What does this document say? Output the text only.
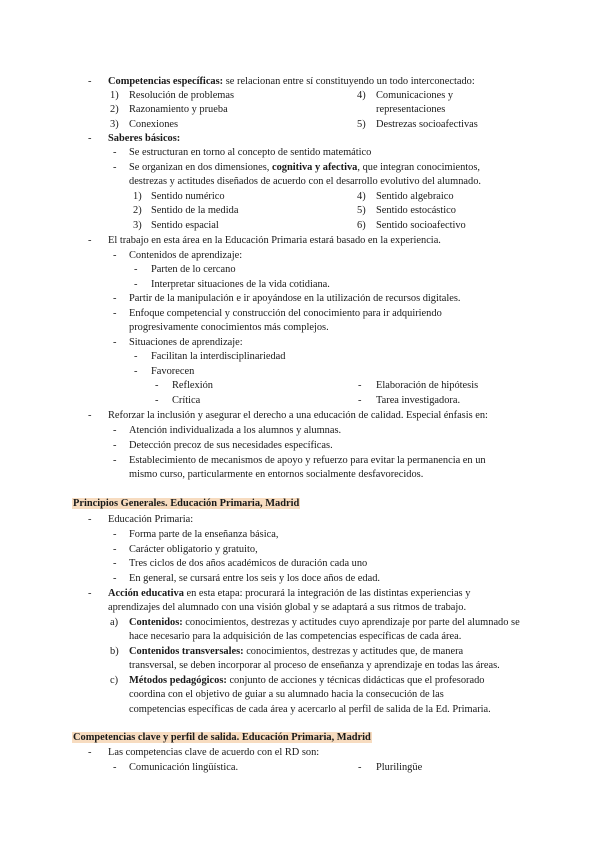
- Competencias específicas: se relacionan entre sí constituyendo un todo interconectado:
1) Resolución de problemas
2) Razonamiento y prueba
3) Conexiones
4) Comunicaciones y
representaciones
5) Destrezas socioafectivas
- Saberes básicos:
- Se estructuran en torno al concepto de sentido matemático
- Se organizan en dos dimensiones, cognitiva y afectiva, que integran conocimientos,
destrezas y actitudes diseñados de acuerdo con el desarrollo evolutivo del alumnado.
1) Sentido numérico
2) Sentido de la medida
3) Sentido espacial
4) Sentido algebraico
5) Sentido estocástico
6) Sentido socioafectivo
- El trabajo en esta área en la Educación Primaria estará basado en la experiencia.
- Contenidos de aprendizaje:
- Parten de lo cercano
- Interpretar situaciones de la vida cotidiana.
- Partir de la manipulación e ir apoyándose en la utilización de recursos digitales.
- Enfoque competencial y construcción del conocimiento para ir adquiriendo
progresivamente conocimientos más complejos.
- Situaciones de aprendizaje:
- Facilitan la interdisciplinariedad
- Favorecen
- Reflexión
- Crítica
- Elaboración de hipótesis
- Tarea investigadora.
- Reforzar la inclusión y asegurar el derecho a una educación de calidad. Especial énfasis en:
- Atención individualizada a los alumnos y alumnas.
- Detección precoz de sus necesidades específicas.
- Establecimiento de mecanismos de apoyo y refuerzo para evitar la permanencia en un
mismo curso, particularmente en entornos socialmente desfavorecidos.
Principios Generales. Educación Primaria, Madrid
- Educación Primaria:
- Forma parte de la enseñanza básica,
- Carácter obligatorio y gratuito,
- Tres ciclos de dos años académicos de duración cada uno
- En general, se cursará entre los seis y los doce años de edad.
- Acción educativa en esta etapa: procurará la integración de las distintas experiencias y
aprendizajes del alumnado con una visión global y se adaptará a sus ritmos de trabajo.
a) Contenidos: conocimientos, destrezas y actitudes cuyo aprendizaje por parte del alumnado se
hace necesario para la adquisición de las competencias específicas de cada área.
b) Contenidos transversales: conocimientos, destrezas y actitudes que, de manera
transversal, se deben incorporar al proceso de enseñanza y aprendizaje en todas las áreas.
c) Métodos pedagógicos: conjunto de acciones y técnicas didácticas que el profesorado
coordina con el objetivo de guiar a su alumnado hacia la consecución de las
competencias específicas de cada área y acercarlo al perfil de salida de la Ed. Primaria.
Competencias clave y perfil de salida. Educación Primaria, Madrid
- Las competencias clave de acuerdo con el RD son:
- Comunicación lingüística.	- Plurilingüe
